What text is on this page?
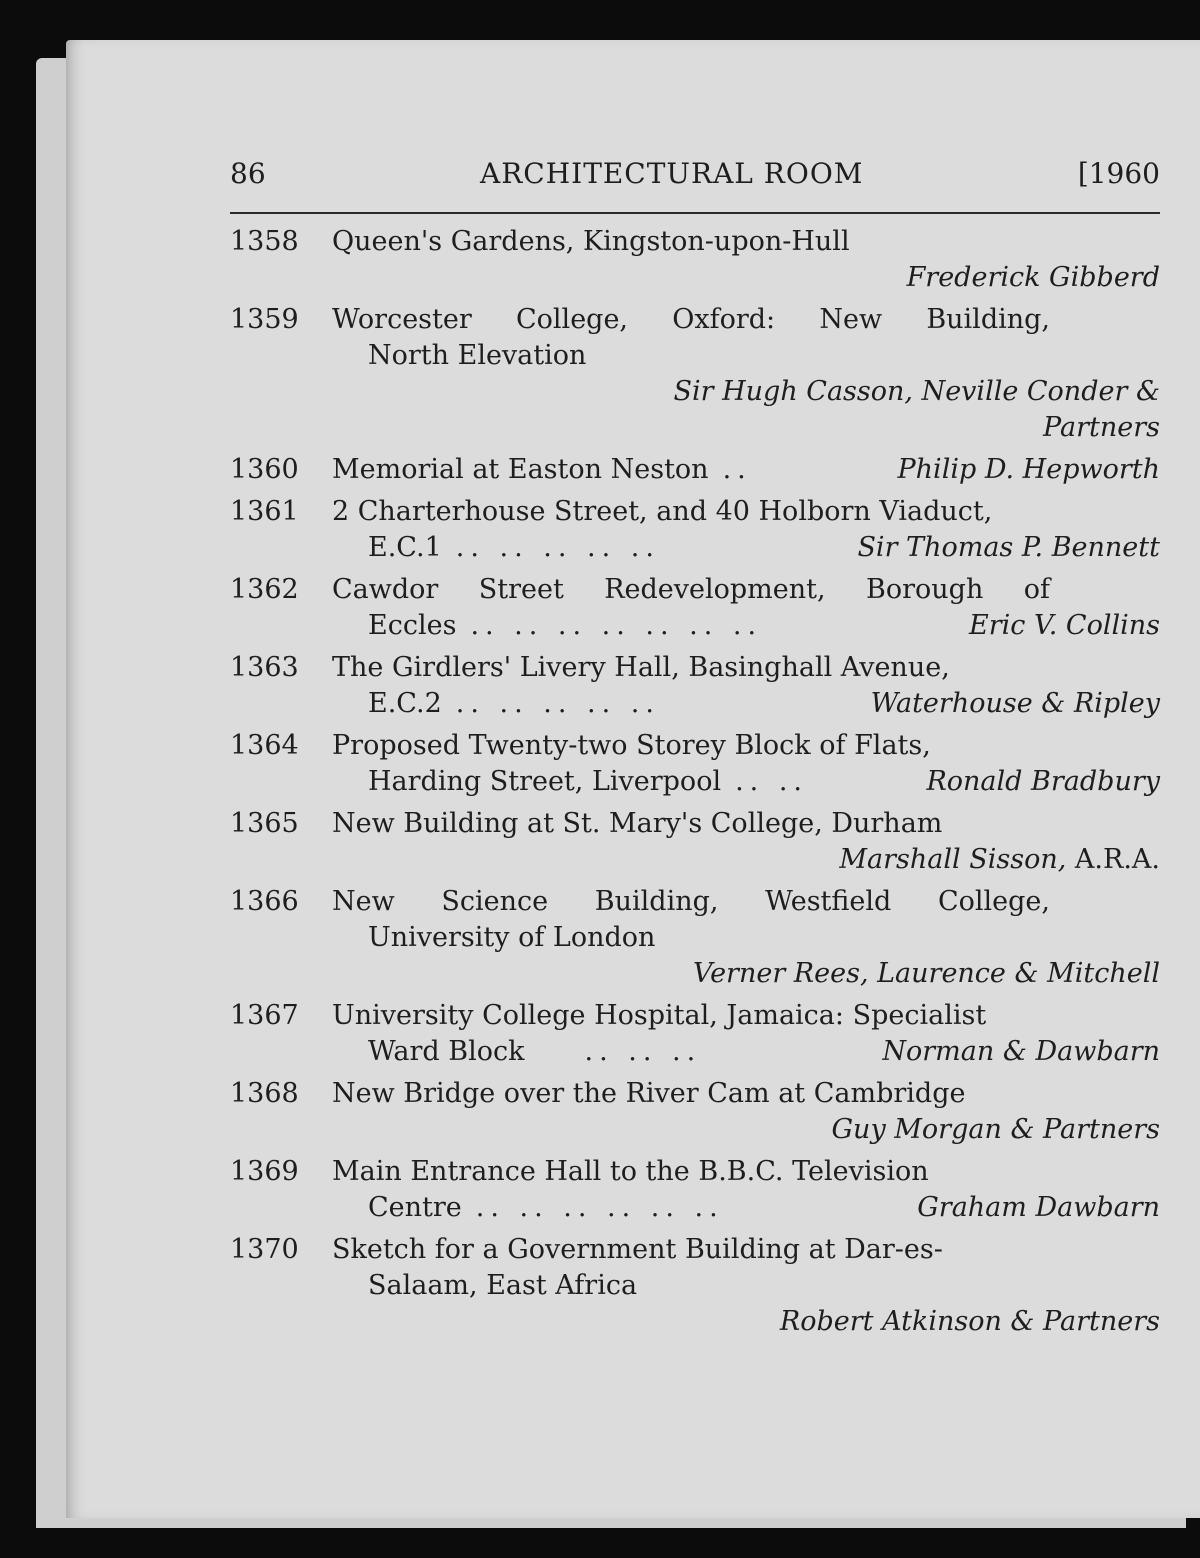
86	ARCHITECTURAL ROOM	[1960
1358	Queen's Gardens, Kingston-upon-Hull
Frederick Gibberd
1359	Worcester College, Oxford: New Building,
North Elevation
Sir Hugh Casson, Neville Conder &
Partners
1360	Memorial at Easton Neston ..	Philip D. Hepworth
1361	2 Charterhouse Street, and 40 Holborn Viaduct,
E.C.1 .. .. .. .. ..	Sir Thomas P. Bennett
1362	Cawdor Street Redevelopment, Borough of
Eccles .. .. .. .. .. .. ..	Eric V. Collins
1363	The Girdlers' Livery Hall, Basinghall Avenue,
E.C.2 .. .. .. .. ..	Waterhouse & Ripley
1364	Proposed Twenty-two Storey Block of Flats,
Harding Street, Liverpool .. ..	Ronald Bradbury
1365	New Building at St. Mary's College, Durham
Marshall Sisson, A.R.A.
1366	New Science Building, Westfield College,
University of London
Verner Rees, Laurence & Mitchell
1367	University College Hospital, Jamaica: Specialist
Ward Block	.. .. ..	Norman & Dawbarn
1368	New Bridge over the River Cam at Cambridge
Guy Morgan & Partners
1369	Main Entrance Hall to the B.B.C. Television
Centre .. .. .. .. .. ..	Graham Dawbarn
1370	Sketch for a Government Building at Dar-es-
Salaam, East Africa
Robert Atkinson & Partners
